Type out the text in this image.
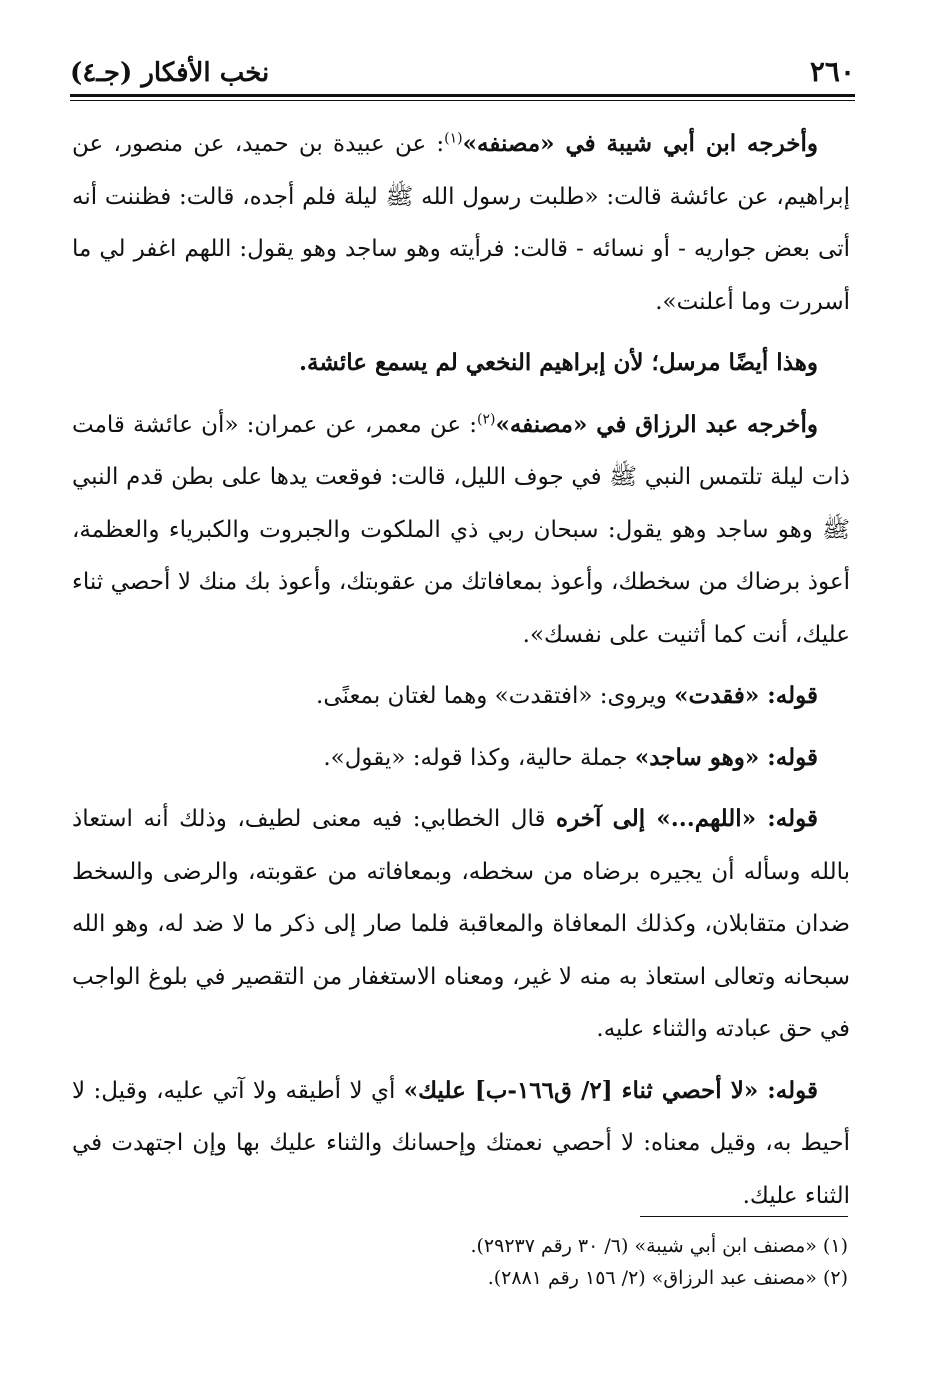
٢٦٠
نخب الأفكار (جـ٤)

وأخرجه ابن أبي شيبة في «مصنفه»$^{(١)}$: عن عبيدة بن حميد، عن منصور، عن إبراهيم، عن عائشة قالت: «طلبت رسول الله ﷺ ليلة فلم أجده، قالت: فظننت أنه أتى بعض جواريه - أو نسائه - قالت: فرأيته وهو ساجد وهو يقول: اللهم اغفر لي ما أسررت وما أعلنت».

وهذا أيضًا مرسل؛ لأن إبراهيم النخعي لم يسمع عائشة.

وأخرجه عبد الرزاق في «مصنفه»$^{(٢)}$: عن معمر، عن عمران: «أن عائشة قامت ذات ليلة تلتمس النبي ﷺ في جوف الليل، قالت: فوقعت يدها على بطن قدم النبي ﷺ وهو ساجد وهو يقول: سبحان ربي ذي الملكوت والجبروت والكبرياء والعظمة، أعوذ برضاك من سخطك، وأعوذ بمعافاتك من عقوبتك، وأعوذ بك منك لا أحصي ثناء عليك، أنت كما أثنيت على نفسك».

قوله: «فقدت» ويروى: «افتقدت» وهما لغتان بمعنًى.

قوله: «وهو ساجد» جملة حالية، وكذا قوله: «يقول».

قوله: «اللهم...» إلى آخره قال الخطابي: فيه معنى لطيف، وذلك أنه استعاذ بالله وسأله أن يجيره برضاه من سخطه، وبمعافاته من عقوبته، والرضى والسخط ضدان متقابلان، وكذلك المعافاة والمعاقبة فلما صار إلى ذكر ما لا ضد له، وهو الله سبحانه وتعالى استعاذ به منه لا غير، ومعناه الاستغفار من التقصير في بلوغ الواجب في حق عبادته والثناء عليه.

قوله: «لا أحصي ثناء [٢/ ق١٦٦-ب] عليك» أي لا أطيقه ولا آتي عليه، وقيل: لا أحيط به، وقيل معناه: لا أحصي نعمتك وإحسانك والثناء عليك بها وإن اجتهدت في الثناء عليك.

(١) «مصنف ابن أبي شيبة» (٦/ ٣٠ رقم ٢٩٢٣٧).
(٢) «مصنف عبد الرزاق» (٢/ ١٥٦ رقم ٢٨٨١).
